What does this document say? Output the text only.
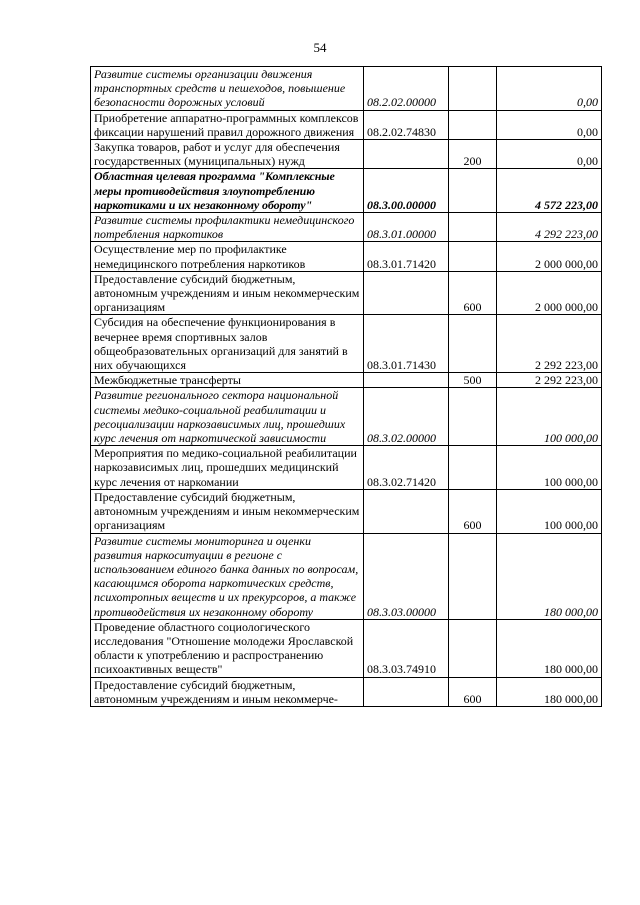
54
Развитие системы организации движения транспортных средств и пешеходов, повышение безопасности дорожных условий	08.2.02.00000		0,00
Приобретение аппаратно-программных комплексов фиксации нарушений правил дорожного движения	08.2.02.74830		0,00
Закупка товаров, работ и услуг для обеспечения государственных (муниципальных) нужд		200	0,00
Областная целевая программа "Комплексные меры противодействия злоупотреблению наркотиками и их незаконному обороту"	08.3.00.00000		4 572 223,00
Развитие системы профилактики немедицинского потребления наркотиков	08.3.01.00000		4 292 223,00
Осуществление мер по профилактике немедицинского потребления наркотиков	08.3.01.71420		2 000 000,00
Предоставление субсидий бюджетным, автономным учреждениям и иным некоммерческим организациям		600	2 000 000,00
Субсидия на обеспечение функционирования в вечернее время спортивных залов общеобразовательных организаций для занятий в них обучающихся	08.3.01.71430		2 292 223,00
Межбюджетные трансферты		500	2 292 223,00
Развитие регионального сектора национальной системы медико-социальной реабилитации и ресоциализации наркозависимых лиц, прошедших курс лечения от наркотической зависимости	08.3.02.00000		100 000,00
Мероприятия по медико-социальной реабилитации наркозависимых лиц, прошедших медицинский курс лечения от наркомании	08.3.02.71420		100 000,00
Предоставление субсидий бюджетным, автономным учреждениям и иным некоммерческим организациям		600	100 000,00
Развитие системы мониторинга и оценки развития наркоситуации в регионе с использованием единого банка данных по вопросам, касающимся оборота наркотических средств, психотропных веществ и их прекурсоров, а также противодействия их незаконному обороту	08.3.03.00000		180 000,00
Проведение областного социологического исследования "Отношение молодежи Ярославской области к употреблению и распространению психоактивных веществ"	08.3.03.74910		180 000,00
Предоставление субсидий бюджетным, автономным учреждениям и иным некоммерче-		600	180 000,00
